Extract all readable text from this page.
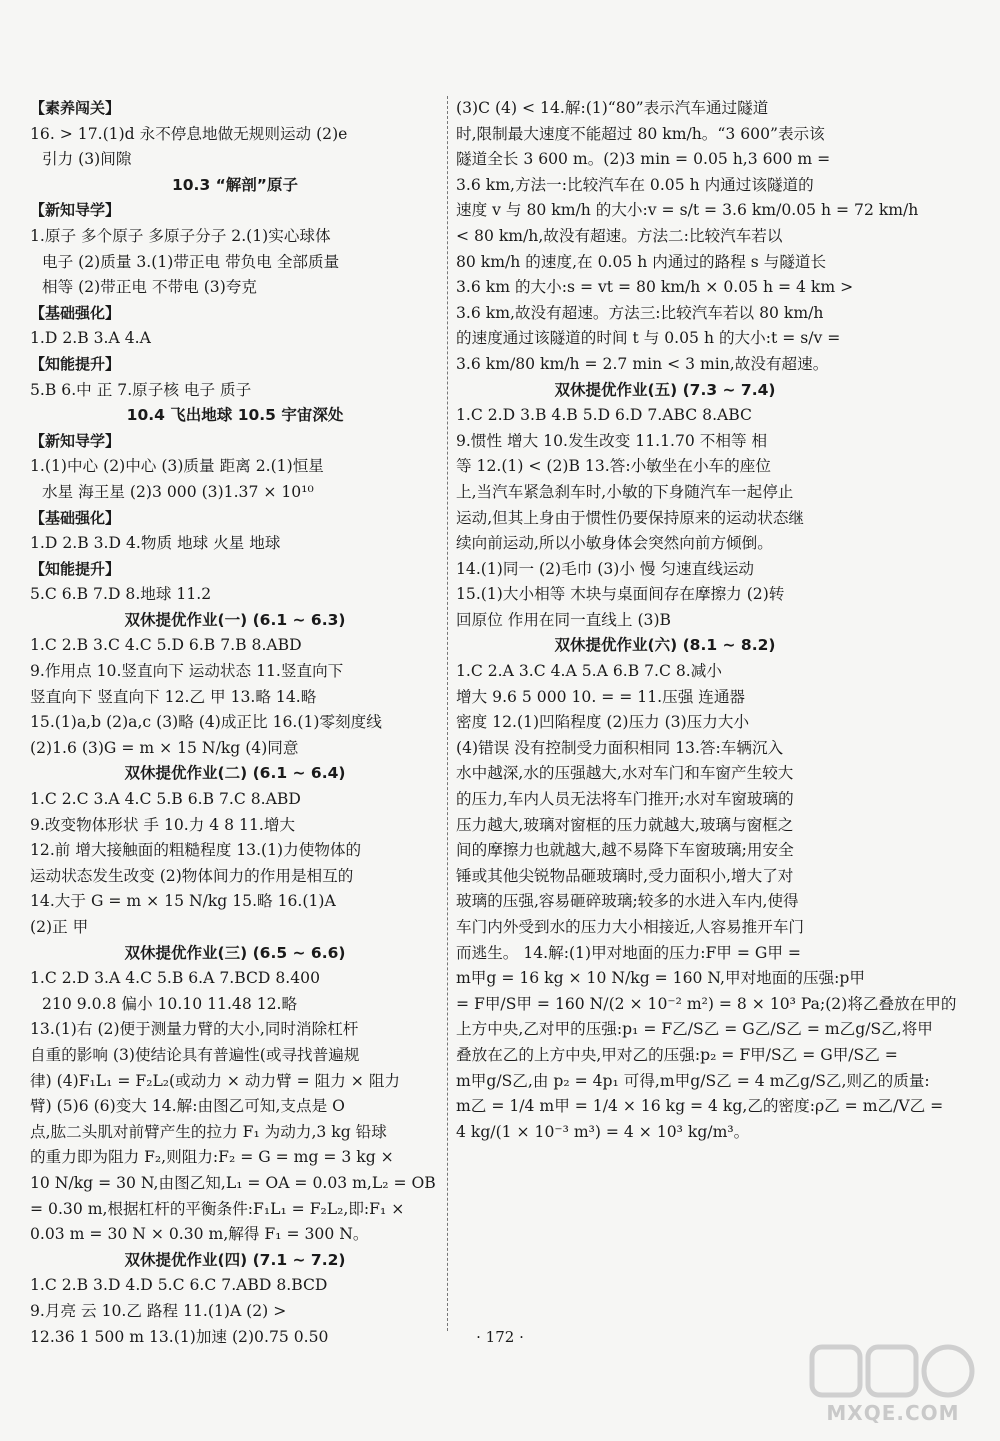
【素养闯关】
16. > 17.(1)d 永不停息地做无规则运动 (2)e
引力 (3)间隙
10.3 “解剖”原子
【新知导学】
1.原子 多个原子 多原子分子 2.(1)实心球体
电子 (2)质量 3.(1)带正电 带负电 全部质量
相等 (2)带正电 不带电 (3)夸克
【基础强化】
1.D 2.B 3.A 4.A
【知能提升】
5.B 6.中 正 7.原子核 电子 质子
10.4 飞出地球 10.5 宇宙深处
【新知导学】
1.(1)中心 (2)中心 (3)质量 距离 2.(1)恒星
水星 海王星 (2)3 000 (3)1.37 × 10¹⁰
【基础强化】
1.D 2.B 3.D 4.物质 地球 火星 地球
【知能提升】
5.C 6.B 7.D 8.地球 11.2
双休提优作业(一) (6.1 ~ 6.3)
1.C 2.B 3.C 4.C 5.D 6.B 7.B 8.ABD
9.作用点 10.竖直向下 运动状态 11.竖直向下
竖直向下 竖直向下 12.乙 甲 13.略 14.略
15.(1)a,b (2)a,c (3)略 (4)成正比 16.(1)零刻度线
(2)1.6 (3)G = m × 15 N/kg (4)同意
双休提优作业(二) (6.1 ~ 6.4)
1.C 2.C 3.A 4.C 5.B 6.B 7.C 8.ABD
9.改变物体形状 手 10.力 4 8 11.增大
12.前 增大接触面的粗糙程度 13.(1)力使物体的
运动状态发生改变 (2)物体间力的作用是相互的
14.大于 G = m × 15 N/kg 15.略 16.(1)A
(2)正 甲
双休提优作业(三) (6.5 ~ 6.6)
1.C 2.D 3.A 4.C 5.B 6.A 7.BCD 8.400
210 9.0.8 偏小 10.10 11.48 12.略
13.(1)右 (2)便于测量力臂的大小,同时消除杠杆
自重的影响 (3)使结论具有普遍性(或寻找普遍规
律) (4)F₁L₁ = F₂L₂(或动力 × 动力臂 = 阻力 × 阻力
臂) (5)6 (6)变大 14.解:由图乙可知,支点是 O
点,肱二头肌对前臂产生的拉力 F₁ 为动力,3 kg 铅球
的重力即为阻力 F₂,则阻力:F₂ = G = mg = 3 kg ×
10 N/kg = 30 N,由图乙知,L₁ = OA = 0.03 m,L₂ = OB
= 0.30 m,根据杠杆的平衡条件:F₁L₁ = F₂L₂,即:F₁ ×
0.03 m = 30 N × 0.30 m,解得 F₁ = 300 N。
双休提优作业(四) (7.1 ~ 7.2)
1.C 2.B 3.D 4.D 5.C 6.C 7.ABD 8.BCD
9.月亮 云 10.乙 路程 11.(1)A (2) >
12.36 1 500 m 13.(1)加速 (2)0.75 0.50
(3)C (4) < 14.解:(1)“80”表示汽车通过隧道
时,限制最大速度不能超过 80 km/h。“3 600”表示该
隧道全长 3 600 m。(2)3 min = 0.05 h,3 600 m =
3.6 km,方法一:比较汽车在 0.05 h 内通过该隧道的
速度 v 与 80 km/h 的大小:v = s/t = 3.6 km/0.05 h = 72 km/h
< 80 km/h,故没有超速。方法二:比较汽车若以
80 km/h 的速度,在 0.05 h 内通过的路程 s 与隧道长
3.6 km 的大小:s = vt = 80 km/h × 0.05 h = 4 km >
3.6 km,故没有超速。方法三:比较汽车若以 80 km/h
的速度通过该隧道的时间 t 与 0.05 h 的大小:t = s/v =
3.6 km/80 km/h = 2.7 min < 3 min,故没有超速。
双休提优作业(五) (7.3 ~ 7.4)
1.C 2.D 3.B 4.B 5.D 6.D 7.ABC 8.ABC
9.惯性 增大 10.发生改变 11.1.70 不相等 相
等 12.(1) < (2)B 13.答:小敏坐在小车的座位
上,当汽车紧急刹车时,小敏的下身随汽车一起停止
运动,但其上身由于惯性仍要保持原来的运动状态继
续向前运动,所以小敏身体会突然向前方倾倒。
14.(1)同一 (2)毛巾 (3)小 慢 匀速直线运动
15.(1)大小相等 木块与桌面间存在摩擦力 (2)转
回原位 作用在同一直线上 (3)B
双休提优作业(六) (8.1 ~ 8.2)
1.C 2.A 3.C 4.A 5.A 6.B 7.C 8.减小
增大 9.6 5 000 10. = = 11.压强 连通器
密度 12.(1)凹陷程度 (2)压力 (3)压力大小
(4)错误 没有控制受力面积相同 13.答:车辆沉入
水中越深,水的压强越大,水对车门和车窗产生较大
的压力,车内人员无法将车门推开;水对车窗玻璃的
压力越大,玻璃对窗框的压力就越大,玻璃与窗框之
间的摩擦力也就越大,越不易降下车窗玻璃;用安全
锤或其他尖锐物品砸玻璃时,受力面积小,增大了对
玻璃的压强,容易砸碎玻璃;较多的水进入车内,使得
车门内外受到水的压力大小相接近,人容易推开车门
而逃生。 14.解:(1)甲对地面的压力:F甲 = G甲 =
m甲g = 16 kg × 10 N/kg = 160 N,甲对地面的压强:p甲
= F甲/S甲 = 160 N/(2 × 10⁻² m²) = 8 × 10³ Pa;(2)将乙叠放在甲的
上方中央,乙对甲的压强:p₁ = F乙/S乙 = G乙/S乙 = m乙g/S乙,将甲
叠放在乙的上方中央,甲对乙的压强:p₂ = F甲/S乙 = G甲/S乙 =
m甲g/S乙,由 p₂ = 4p₁ 可得,m甲g/S乙 = 4 m乙g/S乙,则乙的质量:
m乙 = 1/4 m甲 = 1/4 × 16 kg = 4 kg,乙的密度:ρ乙 = m乙/V乙 =
4 kg/(1 × 10⁻³ m³) = 4 × 10³ kg/m³。
· 172 ·
MXQE.COM
